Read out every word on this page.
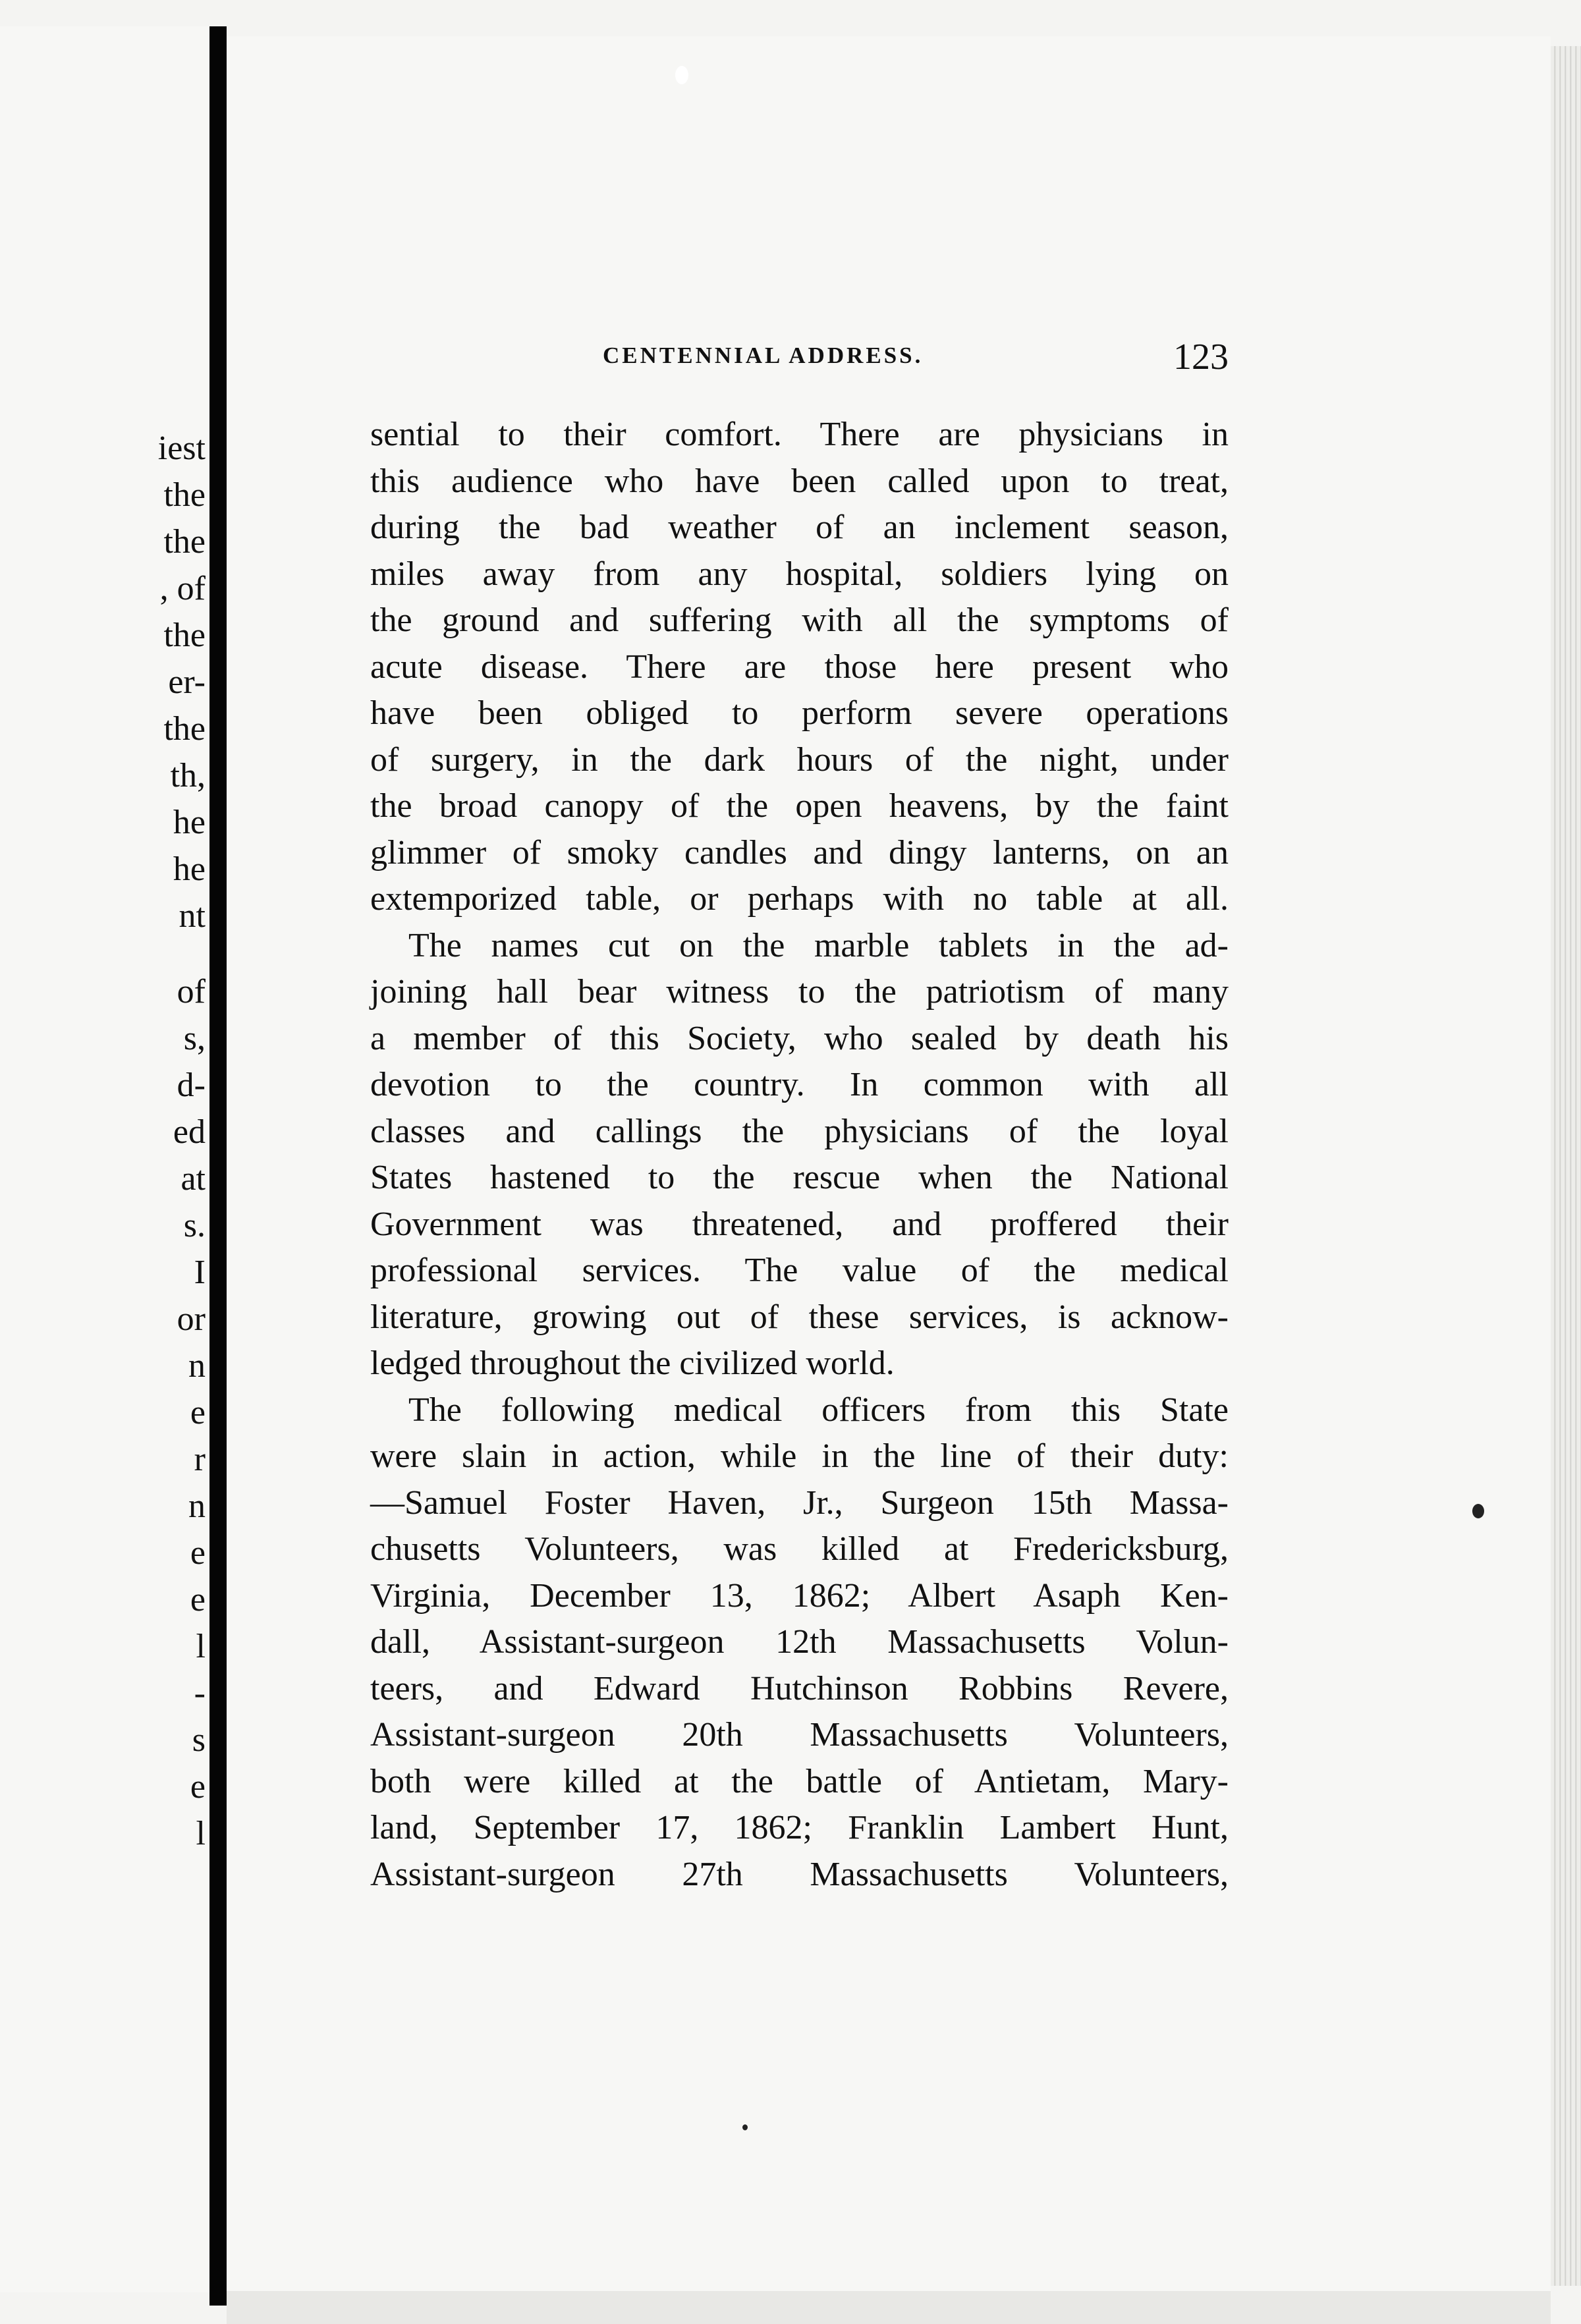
iest
the
the
, of
the
er-
the
th,
he
he
nt
of
s,
d-
ed
at
s.
I
or
n
e
r
n
e
e
l
-
s
e
l
CENTENNIAL ADDRESS.	123
sential to their comfort. There are physicians in
this audience who have been called upon to treat,
during the bad weather of an inclement season,
miles away from any hospital, soldiers lying on
the ground and suffering with all the symptoms of
acute disease. There are those here present who
have been obliged to perform severe operations
of surgery, in the dark hours of the night, under
the broad canopy of the open heavens, by the faint
glimmer of smoky candles and dingy lanterns, on an
extemporized table, or perhaps with no table at all.
The names cut on the marble tablets in the ad-
joining hall bear witness to the patriotism of many
a member of this Society, who sealed by death his
devotion to the country. In common with all
classes and callings the physicians of the loyal
States hastened to the rescue when the National
Government was threatened, and proffered their
professional services. The value of the medical
literature, growing out of these services, is acknow-
ledged throughout the civilized world.
The following medical officers from this State
were slain in action, while in the line of their duty:
—Samuel Foster Haven, Jr., Surgeon 15th Massa-
chusetts Volunteers, was killed at Fredericksburg,
Virginia, December 13, 1862; Albert Asaph Ken-
dall, Assistant-surgeon 12th Massachusetts Volun-
teers, and Edward Hutchinson Robbins Revere,
Assistant-surgeon 20th Massachusetts Volunteers,
both were killed at the battle of Antietam, Mary-
land, September 17, 1862; Franklin Lambert Hunt,
Assistant-surgeon 27th Massachusetts Volunteers,
